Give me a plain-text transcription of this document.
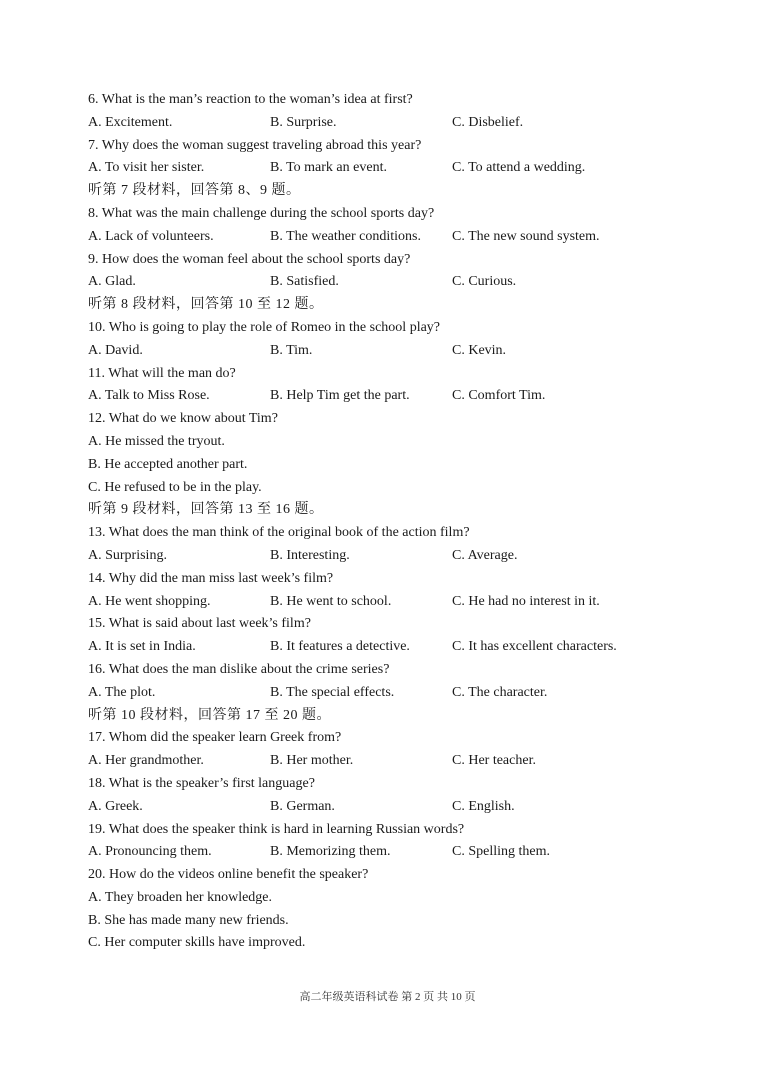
6. What is the man’s reaction to the woman’s idea at first?
A. Excitement.	B. Surprise.	C. Disbelief.
7. Why does the woman suggest traveling abroad this year?
A. To visit her sister.	B. To mark an event.	C. To attend a wedding.
听第 7 段材料，回答第 8、9 题。
8. What was the main challenge during the school sports day?
A. Lack of volunteers.	B. The weather conditions.	C. The new sound system.
9. How does the woman feel about the school sports day?
A. Glad.	B. Satisfied.	C. Curious.
听第 8 段材料，回答第 10 至 12 题。
10. Who is going to play the role of Romeo in the school play?
A. David.	B. Tim.	C. Kevin.
11. What will the man do?
A. Talk to Miss Rose.	B. Help Tim get the part.	C. Comfort Tim.
12. What do we know about Tim?
A. He missed the tryout.
B. He accepted another part.
C. He refused to be in the play.
听第 9 段材料，回答第 13 至 16 题。
13. What does the man think of the original book of the action film?
A. Surprising.	B. Interesting.	C. Average.
14. Why did the man miss last week’s film?
A. He went shopping.	B. He went to school.	C. He had no interest in it.
15. What is said about last week’s film?
A. It is set in India.	B. It features a detective.	C. It has excellent characters.
16. What does the man dislike about the crime series?
A. The plot.	B. The special effects.	C. The character.
听第 10 段材料，回答第 17 至 20 题。
17. Whom did the speaker learn Greek from?
A. Her grandmother.	B. Her mother.	C. Her teacher.
18. What is the speaker’s first language?
A. Greek.	B. German.	C. English.
19. What does the speaker think is hard in learning Russian words?
A. Pronouncing them.	B. Memorizing them.	C. Spelling them.
20. How do the videos online benefit the speaker?
A. They broaden her knowledge.
B. She has made many new friends.
C. Her computer skills have improved.
高二年级英语科试卷 第 2 页 共 10 页
